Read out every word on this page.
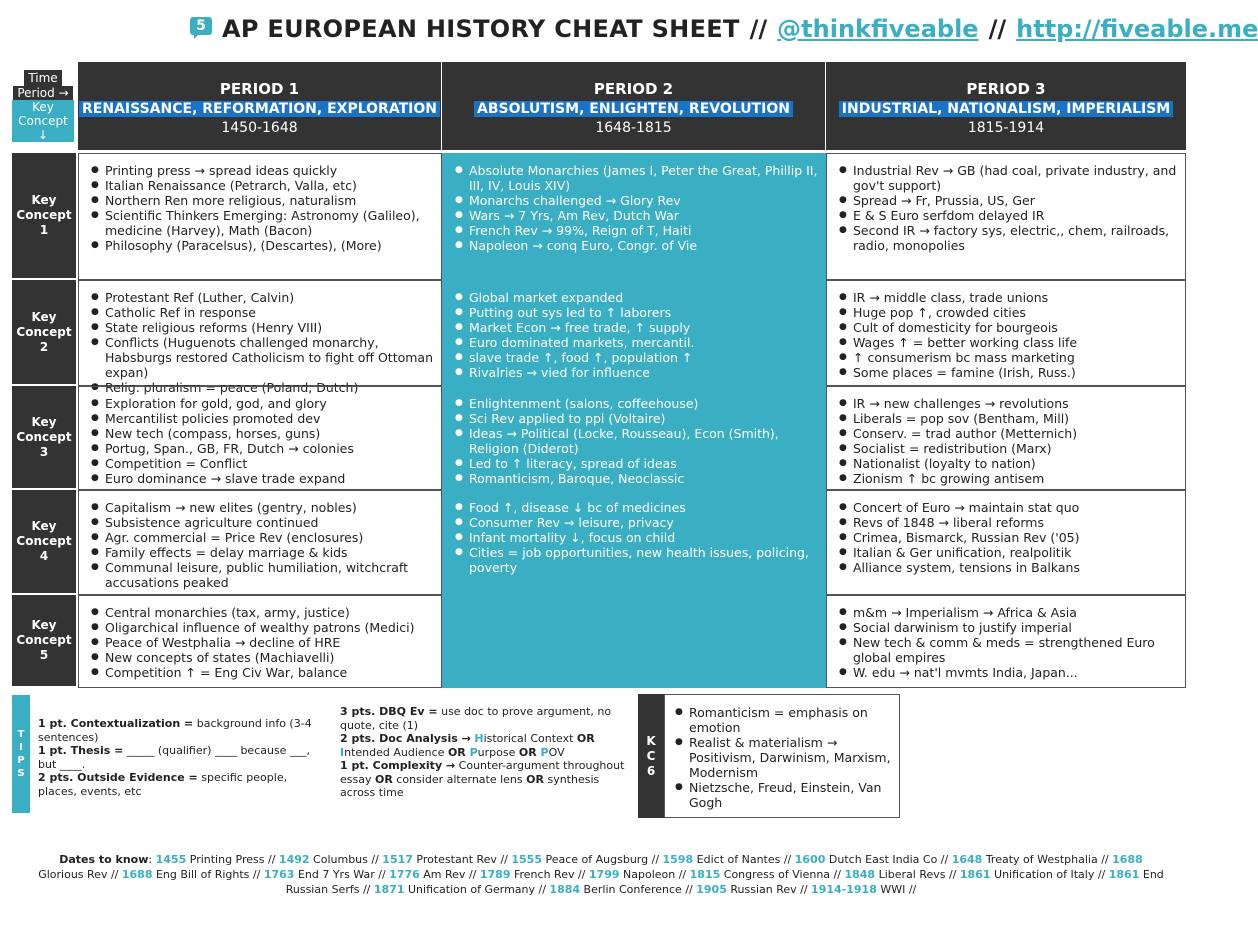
5 AP EUROPEAN HISTORY CHEAT SHEET // @thinkfiveable // http://fiveable.me
Time
Period →
Key Concept ↓
PERIOD 1
RENAISSANCE, REFORMATION, EXPLORATION
1450-1648
PERIOD 2
ABSOLUTISM, ENLIGHTEN, REVOLUTION
1648-1815
PERIOD 3
INDUSTRIAL, NATIONALISM, IMPERIALISM
1815-1914
Key
Concept
1
● Printing press → spread ideas quickly
● Italian Renaissance (Petrarch, Valla, etc)
● Northern Ren more religious, naturalism
● Scientific Thinkers Emerging: Astronomy (Galileo), medicine (Harvey), Math (Bacon)
● Philosophy (Paracelsus), (Descartes), (More)
● Absolute Monarchies (James I, Peter the Great, Phillip II, III, IV, Louis XIV)
● Monarchs challenged → Glory Rev
● Wars → 7 Yrs, Am Rev, Dutch War
● French Rev → 99%, Reign of T, Haiti
● Napoleon → conq Euro, Congr. of Vie
● Industrial Rev → GB (had coal, private industry, and gov't support)
● Spread → Fr, Prussia, US, Ger
● E & S Euro serfdom delayed IR
● Second IR → factory sys, electric,, chem, railroads, radio, monopolies
Key
Concept
2
● Protestant Ref (Luther, Calvin)
● Catholic Ref in response
● State religious reforms (Henry VIII)
● Conflicts (Huguenots challenged monarchy, Habsburgs restored Catholicism to fight off Ottoman expan)
● Relig. pluralism = peace (Poland, Dutch)
● Global market expanded
● Putting out sys led to ↑ laborers
● Market Econ → free trade, ↑ supply
● Euro dominated markets, mercantil.
● slave trade ↑, food ↑, population ↑
● Rivalries → vied for influence
● IR → middle class, trade unions
● Huge pop ↑, crowded cities
● Cult of domesticity for bourgeois
● Wages ↑ = better working class life
● ↑ consumerism bc mass marketing
● Some places = famine (Irish, Russ.)
Key
Concept
3
● Exploration for gold, god, and glory
● Mercantilist policies promoted dev
● New tech (compass, horses, guns)
● Portug, Span., GB, FR, Dutch → colonies
● Competition = Conflict
● Euro dominance → slave trade expand
● Enlightenment (salons, coffeehouse)
● Sci Rev applied to ppl (Voltaire)
● Ideas → Political (Locke, Rousseau), Econ (Smith), Religion (Diderot)
● Led to ↑ literacy, spread of ideas
● Romanticism, Baroque, Neoclassic
● IR → new challenges → revolutions
● Liberals = pop sov (Bentham, Mill)
● Conserv. = trad author (Metternich)
● Socialist = redistribution (Marx)
● Nationalist (loyalty to nation)
● Zionism ↑ bc growing antisem
Key
Concept
4
● Capitalism → new elites (gentry, nobles)
● Subsistence agriculture continued
● Agr. commercial = Price Rev (enclosures)
● Family effects = delay marriage & kids
● Communal leisure, public humiliation, witchcraft accusations peaked
● Food ↑, disease ↓ bc of medicines
● Consumer Rev → leisure, privacy
● Infant mortality ↓, focus on child
● Cities = job opportunities, new health issues, policing, poverty
● Concert of Euro → maintain stat quo
● Revs of 1848 → liberal reforms
● Crimea, Bismarck, Russian Rev ('05)
● Italian & Ger unification, realpolitik
● Alliance system, tensions in Balkans
Key
Concept
5
● Central monarchies (tax, army, justice)
● Oligarchical influence of wealthy patrons (Medici)
● Peace of Westphalia → decline of HRE
● New concepts of states (Machiavelli)
● Competition ↑ = Eng Civ War, balance
● m&m → Imperialism → Africa & Asia
● Social darwinism to justify imperial
● New tech & comm & meds = strengthened Euro global empires
● W. edu → nat'l mvmts India, Japan...
T
I
P
S

1 pt. Contextualization = background info (3-4 sentences)

1 pt. Thesis = _____ (qualifier) ____ because ___, but ____.

2 pts. Outside Evidence = specific people, places, events, etc

3 pts. DBQ Ev = use doc to prove argument, no quote, cite (1)

2 pts. Doc Analysis → Historical Context OR Intended Audience OR Purpose OR POV

1 pt. Complexity → Counter-argument throughout essay OR consider alternate lens OR synthesis across time

K
C
6
● Romanticism = emphasis on emotion
● Realist & materialism → Positivism, Darwinism, Marxism, Modernism
● Nietzsche, Freud, Einstein, Van Gogh
Dates to know: 1455 Printing Press // 1492 Columbus // 1517 Protestant Rev // 1555 Peace of Augsburg // 1598 Edict of Nantes // 1600 Dutch East India Co // 1648 Treaty of Westphalia // 1688 Glorious Rev // 1688 Eng Bill of Rights // 1763 End 7 Yrs War // 1776 Am Rev // 1789 French Rev // 1799 Napoleon // 1815 Congress of Vienna // 1848 Liberal Revs // 1861 Unification of Italy // 1861 End Russian Serfs // 1871 Unification of Germany // 1884 Berlin Conference // 1905 Russian Rev // 1914-1918 WWI //
